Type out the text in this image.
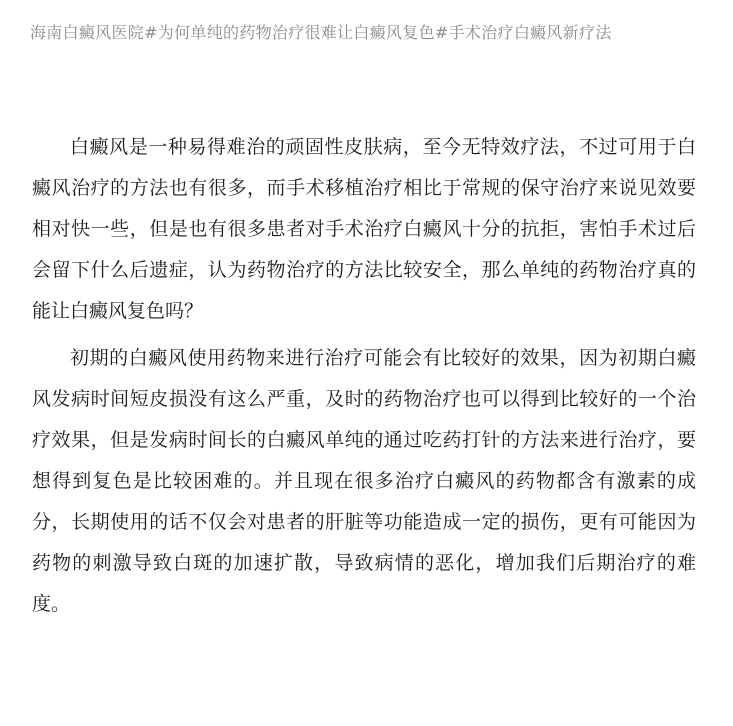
海南白癜风医院#为何单纯的药物治疗很难让白癜风复色#手术治疗白癜风新疗法

白癜风是一种易得难治的顽固性皮肤病，至今无特效疗法，不过可用于白癜风治疗的方法也有很多，而手术移植治疗相比于常规的保守治疗来说见效要相对快一些，但是也有很多患者对手术治疗白癜风十分的抗拒，害怕手术过后会留下什么后遗症，认为药物治疗的方法比较安全，那么单纯的药物治疗真的能让白癜风复色吗？

初期的白癜风使用药物来进行治疗可能会有比较好的效果，因为初期白癜风发病时间短皮损没有这么严重，及时的药物治疗也可以得到比较好的一个治疗效果，但是发病时间长的白癜风单纯的通过吃药打针的方法来进行治疗，要想得到复色是比较困难的。并且现在很多治疗白癜风的药物都含有激素的成分，长期使用的话不仅会对患者的肝脏等功能造成一定的损伤，更有可能因为药物的刺激导致白斑的加速扩散，导致病情的恶化，增加我们后期治疗的难度。
